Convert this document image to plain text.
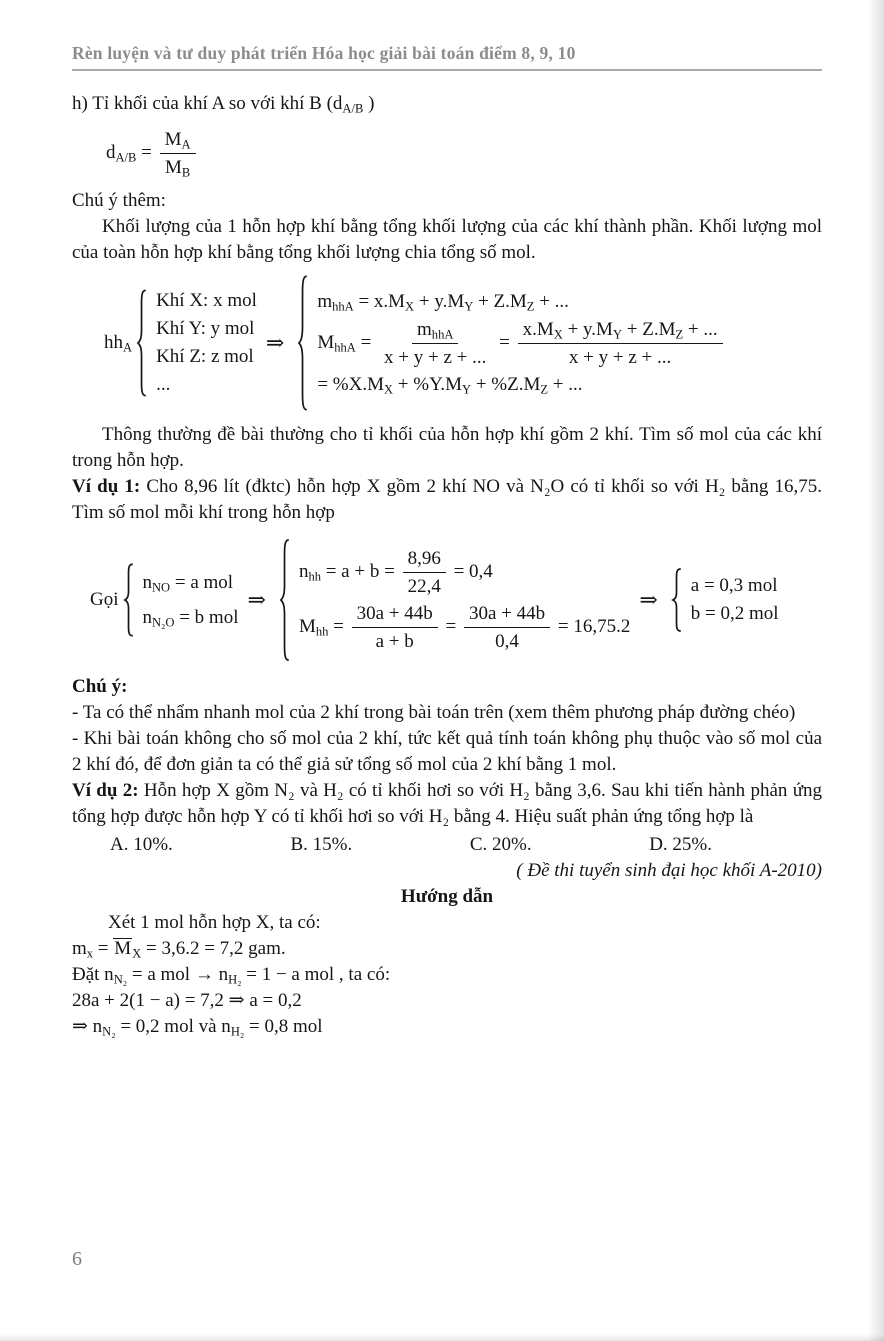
Rèn luyện và tư duy phát triển Hóa học giải bài toán điểm 8, 9, 10

h) Tỉ khối của khí A so với khí B ($d_{A/B}$ )

$d_{A/B} = \frac{M_A}{M_B}$

Chú ý thêm:

Khối lượng của 1 hỗn hợp khí bằng tổng khối lượng của các khí thành phần. Khối lượng mol của toàn hỗn hợp khí bằng tổng khối lượng chia tổng số mol.

$hh_A$
Khí X: x mol
Khí Y: y mol
Khí Z: z mol
...
⇒
$m_{hhA} = x.M_X + y.M_Y + Z.M_Z$ + ...
$M_{hhA} = \frac{m_{hhA}}{x + y + z + ...} = \frac{x.M_X + y.M_Y + Z.M_Z + ...}{x + y + z + ...}$
= $\%X.M_X + \%Y.M_Y + \%Z.M_Z$ + ...

Thông thường đề bài thường cho tỉ khối của hỗn hợp khí gồm 2 khí. Tìm số mol của các khí trong hỗn hợp.

Ví dụ 1: Cho 8,96 lít (đktc) hỗn hợp X gồm 2 khí NO và N₂O có tỉ khối so với H₂ bằng 16,75. Tìm số mol mỗi khí trong hỗn hợp

Gọi
$n_{NO} = a$ mol
$n_{N_2O} = b$ mol
⇒
$n_{hh} = a + b = \frac{8,96}{22,4} = 0,4$
$M_{hh} = \frac{30a + 44b}{a + b} = \frac{30a + 44b}{0,4} = 16,75.2$
⇒
a = 0,3 mol
b = 0,2 mol

Chú ý:

- Ta có thể nhẩm nhanh mol của 2 khí trong bài toán trên (xem thêm phương pháp đường chéo)

- Khi bài toán không cho số mol của 2 khí, tức kết quả tính toán không phụ thuộc vào số mol của 2 khí đó, để đơn giản ta có thể giả sử tổng số mol của 2 khí bằng 1 mol.

Ví dụ 2: Hỗn hợp X gồm N₂ và H₂ có tỉ khối hơi so với H₂ bằng 3,6. Sau khi tiến hành phản ứng tổng hợp được hỗn hợp Y có tỉ khối hơi so với H₂ bằng 4. Hiệu suất phản ứng tổng hợp là

A. 10%.	B. 15%.	C. 20%.	D. 25%.

( Đề thi tuyển sinh đại học khối A-2010)

Hướng dẫn

Xét 1 mol hỗn hợp X, ta có:

$m_x = M_X = 3,6.2 = 7,2$ gam.

Đặt $n_{N_2} = a$ mol → $n_{H_2} = 1 - a$ mol , ta có:

28a + 2(1 − a) = 7,2 ⇒ a = 0,2

⇒ $n_{N_2} = 0,2$ mol và $n_{H_2} = 0,8$ mol

6
